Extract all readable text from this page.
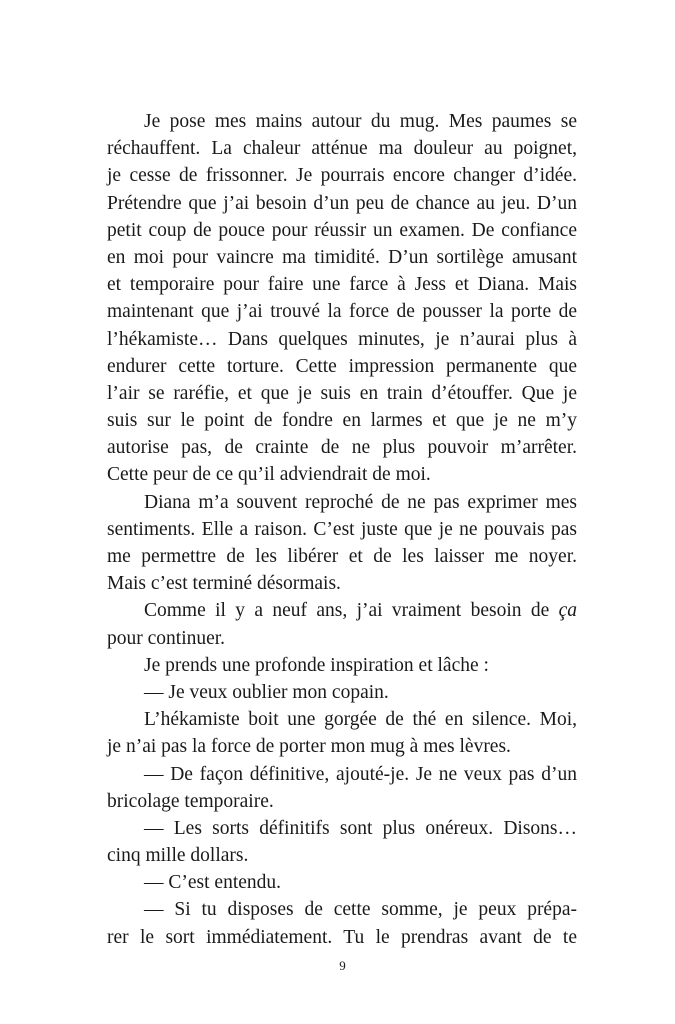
Je pose mes mains autour du mug. Mes paumes se
réchauffent. La chaleur atténue ma douleur au poignet,
je cesse de frissonner. Je pourrais encore changer d’idée.
Prétendre que j’ai besoin d’un peu de chance au jeu. D’un
petit coup de pouce pour réussir un examen. De confiance
en moi pour vaincre ma timidité. D’un sortilège amusant
et temporaire pour faire une farce à Jess et Diana. Mais
maintenant que j’ai trouvé la force de pousser la porte de
l’hékamiste… Dans quelques minutes, je n’aurai plus à
endurer cette torture. Cette impression permanente que
l’air se raréfie, et que je suis en train d’étouffer. Que je
suis sur le point de fondre en larmes et que je ne m’y
autorise pas, de crainte de ne plus pouvoir m’arrêter.
Cette peur de ce qu’il adviendrait de moi.
Diana m’a souvent reproché de ne pas exprimer mes
sentiments. Elle a raison. C’est juste que je ne pouvais pas
me permettre de les libérer et de les laisser me noyer.
Mais c’est terminé désormais.
Comme il y a neuf ans, j’ai vraiment besoin de ça
pour continuer.
Je prends une profonde inspiration et lâche :
— Je veux oublier mon copain.
L’hékamiste boit une gorgée de thé en silence. Moi,
je n’ai pas la force de porter mon mug à mes lèvres.
— De façon définitive, ajouté-je. Je ne veux pas d’un
bricolage temporaire.
— Les sorts définitifs sont plus onéreux. Disons…
cinq mille dollars.
— C’est entendu.
— Si tu disposes de cette somme, je peux prépa-
rer le sort immédiatement. Tu le prendras avant de te
9
